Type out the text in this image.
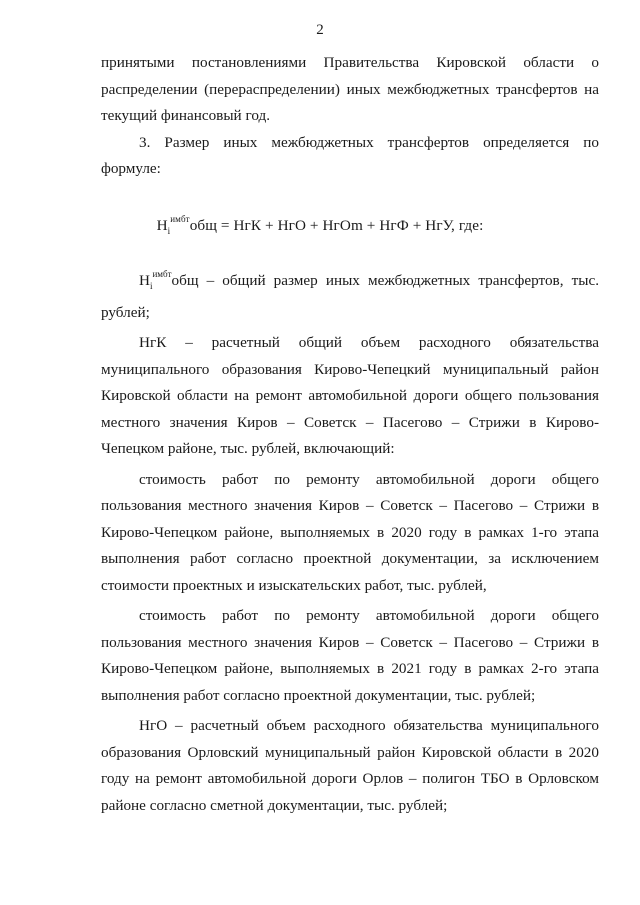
2

принятыми постановлениями Правительства Кировской области о распределении (перераспределении) иных межбюджетных трансфертов на текущий финансовый год.

3. Размер иных межбюджетных трансфертов определяется по формуле:

$Н_i^{имбт}общ$ = НгК + НгО + НгОm + НгФ + НгУ, где:

$Н_i^{имбт}общ$ – общий размер иных межбюджетных трансфертов, тыс. рублей;

НгК – расчетный общий объем расходного обязательства муниципального образования Кирово-Чепецкий муниципальный район Кировской области на ремонт автомобильной дороги общего пользования местного значения Киров – Советск – Пасегово – Стрижи в Кирово-Чепецком районе, тыс. рублей, включающий:

стоимость работ по ремонту автомобильной дороги общего пользования местного значения Киров – Советск – Пасегово – Стрижи в Кирово-Чепецком районе, выполняемых в 2020 году в рамках 1-го этапа выполнения работ согласно проектной документации, за исключением стоимости проектных и изыскательских работ, тыс. рублей,

стоимость работ по ремонту автомобильной дороги общего пользования местного значения Киров – Советск – Пасегово – Стрижи в Кирово-Чепецком районе, выполняемых в 2021 году в рамках 2-го этапа выполнения работ согласно проектной документации, тыс. рублей;

НгО – расчетный объем расходного обязательства муниципального образования Орловский муниципальный район Кировской области в 2020 году на ремонт автомобильной дороги Орлов – полигон ТБО в Орловском районе согласно сметной документации, тыс. рублей;
